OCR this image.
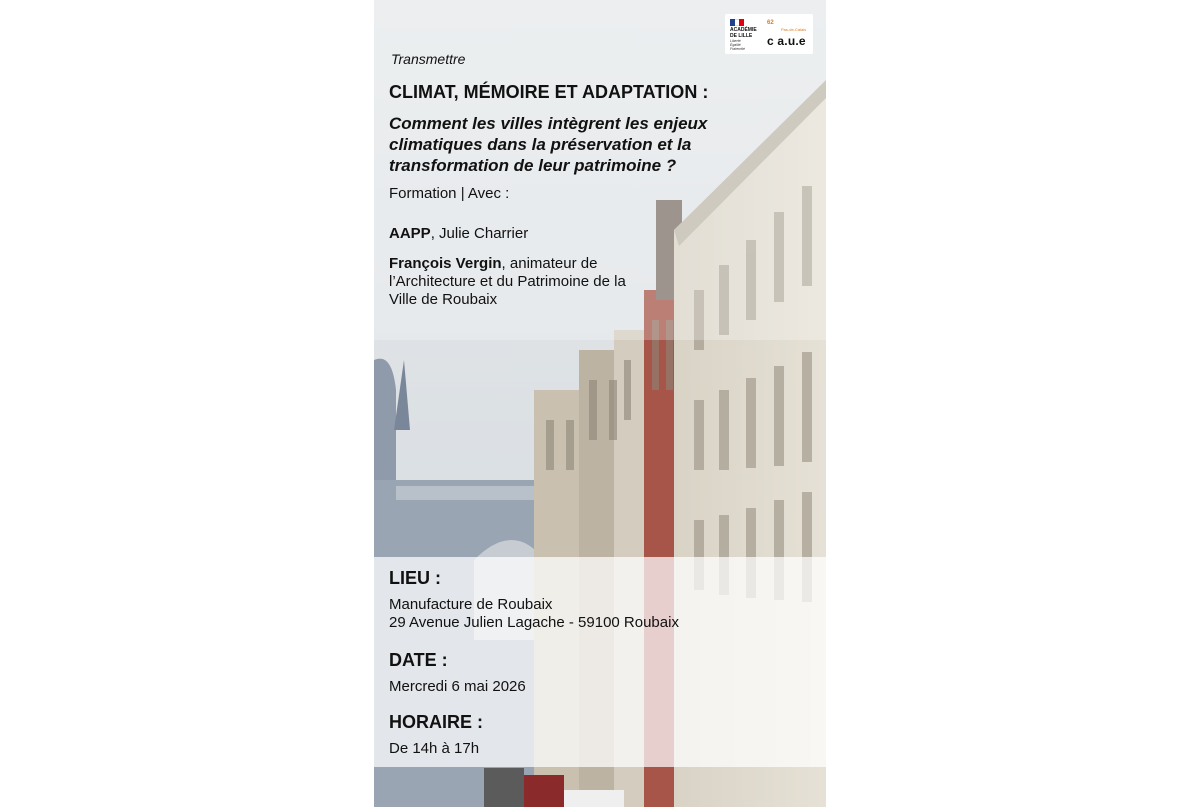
ACADÉMIE
DE LILLE
Liberté
Égalité
Fraternité
62
Pas-de-Calais
c a.u.e
Transmettre
CLIMAT, MÉMOIRE ET ADAPTATION :
Comment les villes intègrent les enjeux climatiques dans la préservation et la transformation de leur patrimoine ?
Formation | Avec :
AAPP, Julie Charrier
François Vergin, animateur de l’Architecture et du Patrimoine de la Ville de Roubaix
LIEU :
Manufacture de Roubaix
29 Avenue Julien Lagache - 59100 Roubaix
DATE :
Mercredi 6 mai 2026
HORAIRE :
De 14h à 17h
